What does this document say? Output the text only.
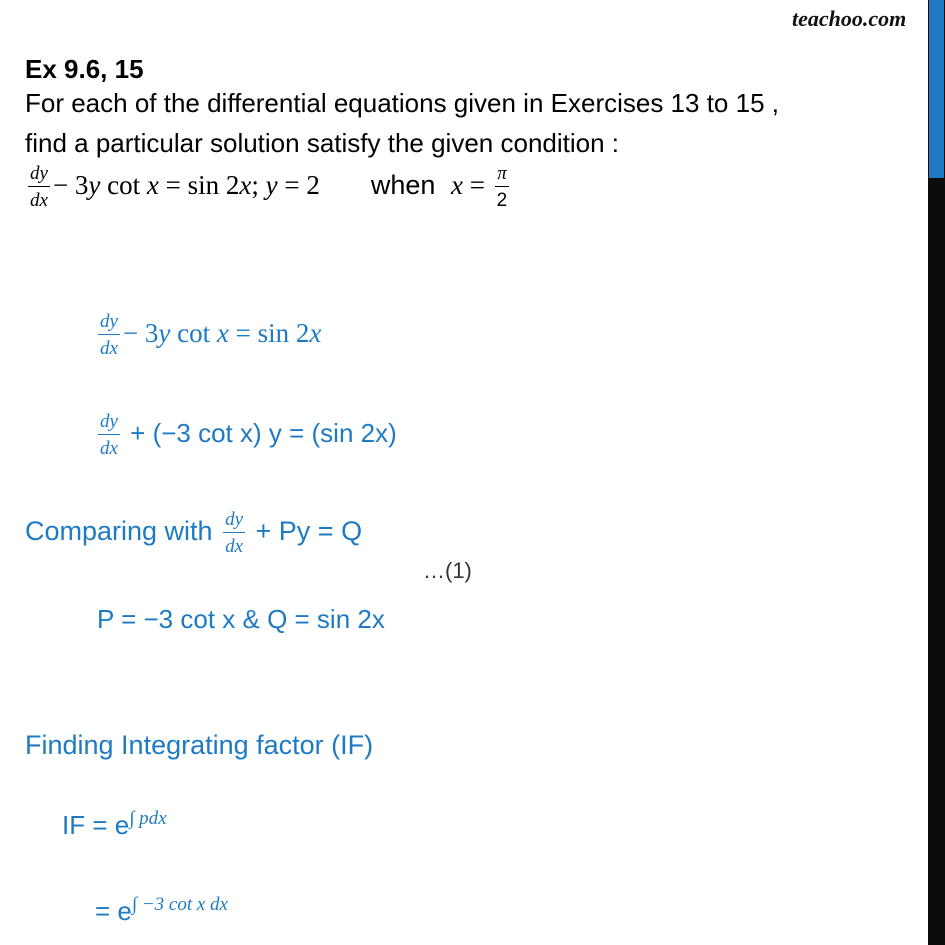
teachoo.com
Ex 9.6, 15
For each of the differential equations given in Exercises 13 to 15 ,
find a particular solution satisfy the given condition :
$\frac{dy}{dx} - 3y$ cot x = sin 2x; y = 2 when $x = \frac{\pi}{2}$
$\frac{dy}{dx} - 3y$ cot x = sin 2x
$\frac{dy}{dx} + (-3$ cot x) y = (sin 2x)
Comparing with $\frac{dy}{dx} + Py = Q$
…(1)
P = −3 cot x & Q = sin 2x
Finding Integrating factor (IF)
IF = $e^{\int pdx}$
= $e^{\int -3 cot x dx}$
